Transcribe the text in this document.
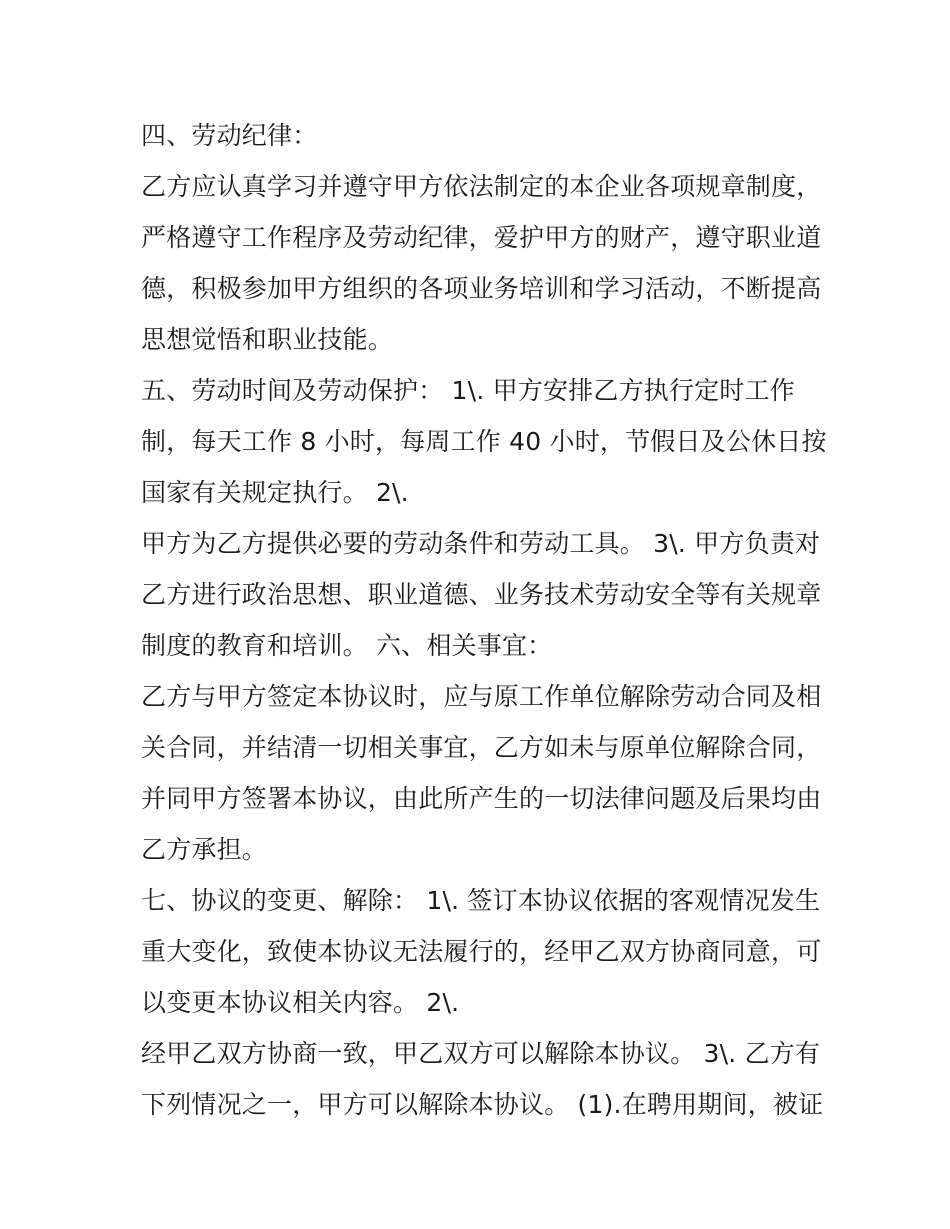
四、劳动纪律：
乙方应认真学习并遵守甲方依法制定的本企业各项规章制度，
严格遵守工作程序及劳动纪律，爱护甲方的财产，遵守职业道
德，积极参加甲方组织的各项业务培训和学习活动，不断提高
思想觉悟和职业技能。
五、劳动时间及劳动保护： 1\. 甲方安排乙方执行定时工作
制，每天工作 8 小时，每周工作 40 小时，节假日及公休日按
国家有关规定执行。 2\.
甲方为乙方提供必要的劳动条件和劳动工具。 3\. 甲方负责对
乙方进行政治思想、职业道德、业务技术劳动安全等有关规章
制度的教育和培训。 六、相关事宜：
乙方与甲方签定本协议时，应与原工作单位解除劳动合同及相
关合同，并结清一切相关事宜，乙方如未与原单位解除合同，
并同甲方签署本协议，由此所产生的一切法律问题及后果均由
乙方承担。
七、协议的变更、解除： 1\. 签订本协议依据的客观情况发生
重大变化，致使本协议无法履行的，经甲乙双方协商同意，可
以变更本协议相关内容。 2\.
经甲乙双方协商一致，甲乙双方可以解除本协议。 3\. 乙方有
下列情况之一，甲方可以解除本协议。 (1).在聘用期间，被证
